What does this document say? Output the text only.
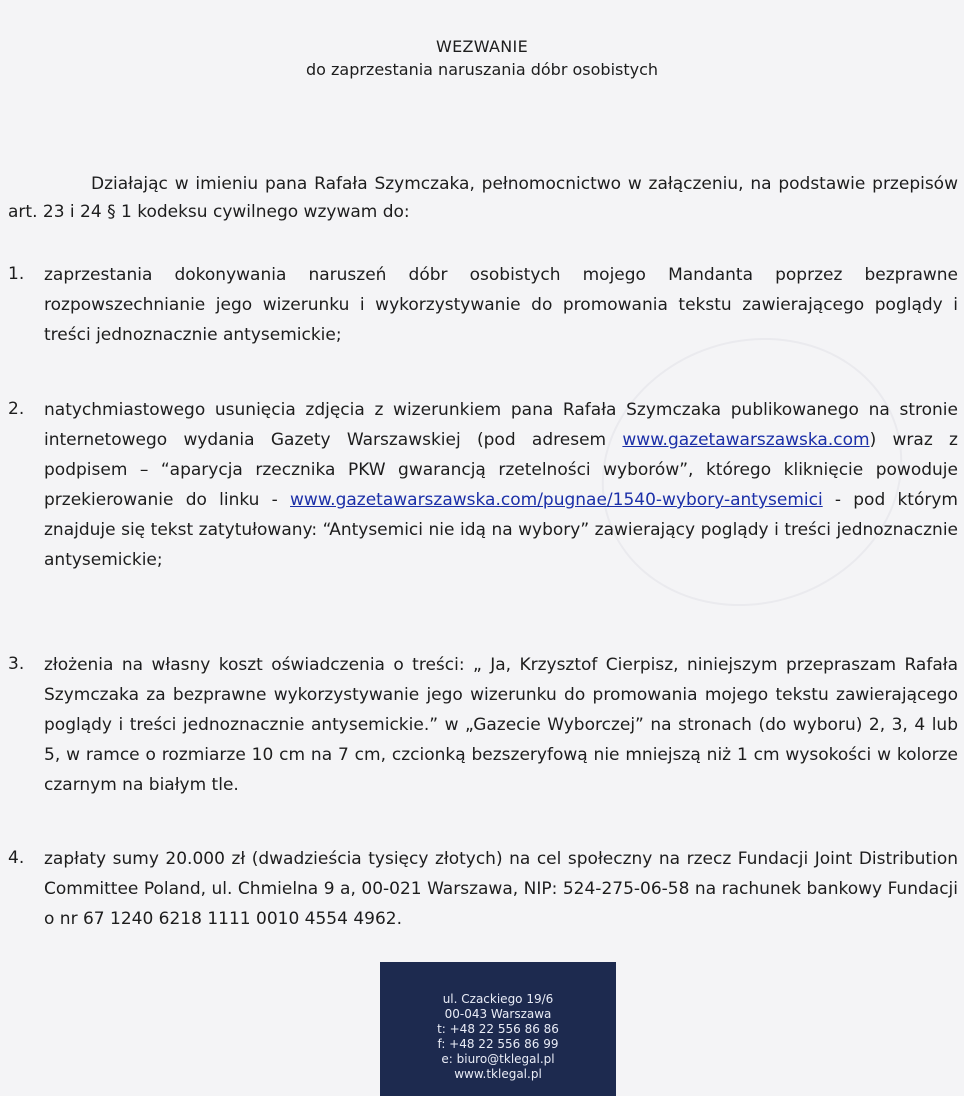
WEZWANIE
do zaprzestania naruszania dóbr osobistych
Działając w imieniu pana Rafała Szymczaka, pełnomocnictwo w załączeniu, na podstawie przepisów art. 23 i 24 § 1 kodeksu cywilnego wzywam do:
1. zaprzestania dokonywania naruszeń dóbr osobistych mojego Mandanta poprzez bezprawne rozpowszechnianie jego wizerunku i wykorzystywanie do promowania tekstu zawierającego poglądy i treści jednoznacznie antysemickie;
2. natychmiastowego usunięcia zdjęcia z wizerunkiem pana Rafała Szymczaka publikowanego na stronie internetowego wydania Gazety Warszawskiej (pod adresem www.gazetawarszawska.com) wraz z podpisem – “aparycja rzecznika PKW gwarancją rzetelności wyborów”, którego kliknięcie powoduje przekierowanie do linku - www.gazetawarszawska.com/pugnae/1540-wybory-antysemici - pod którym znajduje się tekst zatytułowany: “Antysemici nie idą na wybory” zawierający poglądy i treści jednoznacznie antysemickie;
3. złożenia na własny koszt oświadczenia o treści: „ Ja, Krzysztof Cierpisz, niniejszym przepraszam Rafała Szymczaka za bezprawne wykorzystywanie jego wizerunku do promowania mojego tekstu zawierającego poglądy i treści jednoznacznie antysemickie.” w „Gazecie Wyborczej” na stronach (do wyboru) 2, 3, 4 lub 5, w ramce o rozmiarze 10 cm na 7 cm, czcionką bezszeryfową nie mniejszą niż 1 cm wysokości w kolorze czarnym na białym tle.
4. zapłaty sumy 20.000 zł (dwadzieścia tysięcy złotych) na cel społeczny na rzecz Fundacji Joint Distribution Committee Poland, ul. Chmielna 9 a, 00-021 Warszawa, NIP: 524-275-06-58 na rachunek bankowy Fundacji o nr 67 1240 6218 1111 0010 4554 4962.
ul. Czackiego 19/6
00-043 Warszawa
t: +48 22 556 86 86
f: +48 22 556 86 99
e: biuro@tklegal.pl
www.tklegal.pl
